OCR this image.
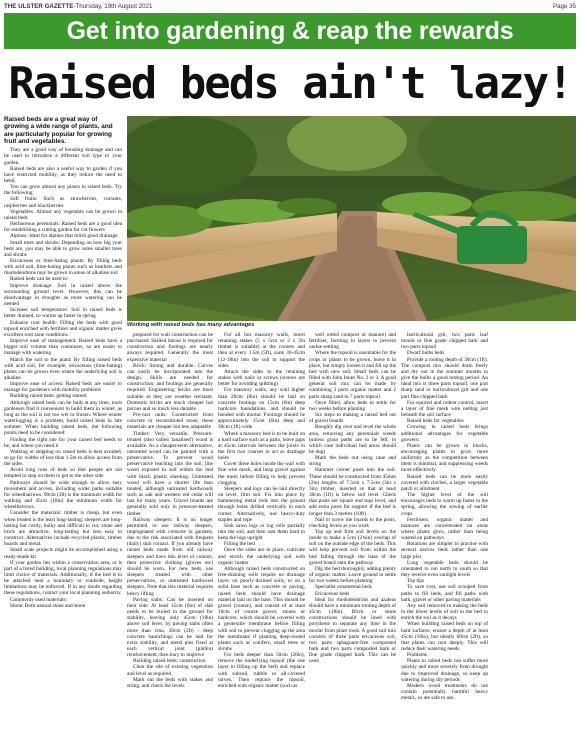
THE ULSTER GAZETTE-Thursday, 19th August 2021	Page 35
Get into gardening & reap the rewards
Raised beds ain't lazy!

Raised beds are a great way of growing a wide range of plants, and are particularly popular for growing fruit and vegetables.

They are a good way of boosting drainage and can be used to introduce a different soil type to your garden.

Raised beds are also a useful way to garden if you have restricted mobility, as they reduce the need to bend.

You can grow almost any plants in raised beds. Try the following:

Soft fruits: Such as strawberries, currants, raspberries and blackberries

Vegetables: Almost any vegetable can be grown in raised beds

Herbaceous perennials: Raised beds are a good idea for establishing a cutting garden for cut flowers

Alpines: Ideal for alpines that relish good drainage

Small trees and shrubs: Depending on how big your beds are, you may be able to grow some smaller trees and shrubs

Ericaceous or lime-hating plants: By filling beds with acid soil, lime-hating plants such as heathers and rhododendrons may be grown in areas of alkaline soil

Raised beds can be used to:

Improve drainage: Soil in raised above the surrounding ground level. However, this can be disadvantage in droughts as more watering can be needed

Increase soil temperature: Soil in raised beds is better drained, so warms up faster in spring

Enhance root health: Filling the beds with good topsoil enriched with fertiliser and organic matter gives excellent root zone conditions

Improve ease of management: Raised beds have a bigger soil volume than containers, so are easier to manage with watering

Match the soil to the plant: By filling raised beds with acid soil, for example, ericaceous (lime-hating) plants can be grown even where the underlying soil is alkaline

Improve ease of access: Raised beds are easier to manage for gardeners with mobility problems

Building raised beds: getting started

Although raised beds can be built at any time, most gardeners find it convenient to build them in winter, as long as the soil is not too wet or frozen. Where winter waterlogging is a problem, build raised beds in late summer. When building raised beds, the following points need to be considered:

Finding the right site for your raised bed needs to be, and where you need it

Walking or stepping on raised beds is best avoided, so go for widths of less than 1.5m to allow access from the sides

Avoid long runs of beds so that people are not tempted to step on them to get to the other side

Pathways should be wide enough to allow easy movement and access, including wider paths suitable for wheelbarrows. 90cm (3ft) is the minimum width for walking and 45cm (18in) the minimum width for wheelbarrows.

Consider the materials: timber is cheap, but even when treated is the least long-lasting; sleepers are long-lasting but costly, bulky and difficult to cut; stone and brick are attractive, long-lasting but less easy to construct. Alternatives include recycled plastic, timber boards and metal.

Small scale projects might be accomplished using a ready-made kit

If your garden lies within a conservation area, or is part of a listed building, local planning regulations may limit choice of materials. Additionally, if the bed is to be attached near a boundary or roadside, height limitations may be enforced. If in any doubt regarding these regulations, contact your local planning authority.

Commonly used materials:

Stone: Both natural stone and stone

Working with raised beds has many advantages

prepared for wall construction can be purchased. Skilled labour is required for construction and footings are nearly always required. Generally the most expensive material

Brick: Strong and durable. Curves can easily be incorporated into the design. Skills are needed for construction, and footings are generally required. Engineering bricks are most suitable as they are weather resistant. Domestic bricks are much cheaper but porous and so much less durable

Pre-cast units: Constructed from concrete or reconstituted stone, these materials are cheaper but less adaptable

Timber: Very versatile. Pressure-treated (also called 'tanalised') wood is available. As a cheaper-term alternative, untreated wood can be painted with a preservative. To prevent wood preservative leaching into the soil, line wood exposed to soil within the bed with black plastic sheeting. Untreated wood will have a shorter life than treated, although untreated hardwoods such as oak and western red cedar will last for many years. Gravel boards are generally sold only in pressure-treated timber

Railway sleepers: It is no longer permitted to use railway sleepers, impregnated with creosote in gardens, due to the risk associated with frequent (daily) skin contact. If you already have raised beds made from old railway sleepers and have this level of contact, then protective clothing (gloves etc) should be worn. For new beds, use sleepers treated with other preservatives, or untreated hardwood sleepers. Note that this material requires heavy lifting

Paving slabs: Can be inserted on their side. At least 15cm (6in) of slab needs to be buried in the ground for stability, leaving only 45cm (18in) above soil level, by paving slabs often more than 1ma. 30cm (2ft) - deep concrete haunchings can be laid for extra stability, and metal pins fixed at each vertical joint (pinbin) reinforcement, then bury to improve

Building raised beds: construction

Clear the site of existing vegetation and level as required

Mark out the beds with stakes and string, and check the levels

For all but masonry walls, insert retaining stakes (5 x 5cm or 2 x 2in timber is suitable) at the corners and then at every 1.5m (5ft), sunk 30-45cm (12-18in) into the soil to support the sides

Attach the sides to the retaining stakes with nails or screws (screws are better for avoiding splitting)

For masonry walls, any wall higher than 20cm (8in) should be laid on concrete footings on 15cm (6in) deep hardcore foundations, and should be bonded with mortar. Footings should be approximately 15cm (6in) deep and 30cm (1ft) wide

Where a masonry bed is to be built on a hard surface such as a patio, leave gaps at 45cm intervals between the joints in the first two courses to act as drainage holes

Cover these holes inside the wall with fine wire mesh, and heap gravel against the mesh before filling to help prevent clogging

Sleepers and logs can be laid directly on level, firm soil. Fix into place by hammering metal rods into the ground through holes drilled vertically in each corner. Alternatively, use heavy-duty staples and rope

Sink sawn logs or log rolls partially into the soil, and then ram them hard to keep the logs upright

Filling the bed

Once the sides are in place, cultivate and enrich the underlying soil with organic matter

Although raised beds constructed on free-draining soils require no drainage layer, on poorly-drained soils, or on a solid base such as concrete or paving, raised beds should have drainage material laid on the base. This should be gravel (coarse), and consist of at least 10cm of course gravel, stones or hardcore, which should be covered with a geotextile membrane before filling with soil to prevent clogging up the area the membrane if planting deep-rooted plants such as conifers, small trees or shrubs

For beds deeper than 50cm (20in), remove the underlying topsoil (the one layer in filling up the bed) and replace with subsoil, rubble or all-covered turves. Then replace the topsoil, enriched with organic matter (such as

well rotted compost or manure) and fertiliser, forming in layers to prevent undue settling

Where the topsoil is unsuitable for the crops or plants to be grown, leave it in place, but simply loosen it and fill up the bed with new soil. Small beds can be filled with John Innes No. 2 or 3. A good general soil mix can be made by combining 3 parts organic matter and 2 parts sharp sand to 7 parts topsoil

Once filled, allow beds to settle for two weeks before planting

Six steps to making a raised bed out of gravel boards

Roughly dig over and level the whole area, removing any perennials weeds (unless grass paths are to be left, in which case individual bed areas should be dug)

Mark the beds out using cane and string

Hammer corner posts into the soil. These should be constructed from 45mm (2in) lengths of 7.5cm x 7.5cm (3in x 3in) timber, inserted so that at least 30cm (1ft) is below soil level. Check that posts are square and tops level, and add extra posts for support if the bed is longer than 3 metres (10ft)

Nail or screw the boards to the posts, checking levels as you work

Top up and firm soil levels on the inside to make a 5cm (2¾in) overlap of soil on the outside edge of the beds. This will help prevent soil from within the bed falling through the base of the gravel board onto the pathway

Dig the bed thoroughly, adding plenty of organic matter. Leave ground to settle for two weeks before planting

Specialist ornamental beds

Ericaceous beds

Ideal for rhododendrons and azaleas should have a minimum rooting depth of 45cm (18in). Brick or stone constructions should be lined with polythene to separate any lime in the mortar from plant roots. A good soil mix consists of three parts ericaceous soil, two parts sphagnum-free composted bark and two parts composted bark or fine grade chipped bark. This can be used

horticultural grit, two parts leaf mould or fine grade chipped bark and two parts topsoil

Dwarf bulbs beds

Provide a rooting depth of 30cm (1ft). The compost mix should drain freely and dry out in the summer months to give the bulbs a good resting period. An ideal mix is three parts topsoil, one part sharp sand or horticultural grit and one part fine chipped bark

For squirrel and rodent control, insert a layer of fine mesh wire netting just beneath the soil surface

Raised beds for vegetables

Growing in raised beds brings additional advantages for vegetable growers:

Plants can be grown in blocks, encouraging plants to grow more uniformly as the competition between them is minimal, and suppressing weeds more effectively

Raised beds can be more easily covered with cloches, a larger vegetable patch or allotment

The higher level of the soil encourages beds to warm up faster in the spring, allowing the sowing of earlier crops

Fertilisers, organic matter and manures are concentrated on areas where plants grow, rather than being wasted on pathways

Rotations are simpler to practise with several narrow beds rather than one large plot

Long vegetable beds should be orientated to run north to south so that they receive even sunlight levels

Top tips

To save cost, use soil scooped from paths to fill beds, and fill paths with bark, gravel or other paving materials

Any soil removed in making the beds in the lower levels of soil in the bed to enrich the soil as it decays

When building raised beds on top of hard surfaces, ensure a depth of at least 45cm (18in), but ideally 60cm (2ft), so that plants can root deeply. This will reduce their watering needs

Problems

Plants in raised beds can suffer more quickly and more severely from drought due to improved drainage, so keep up watering during dry periods

Modern wood treatments do not contain potentially harmful heavy metals, so are safe to use.
